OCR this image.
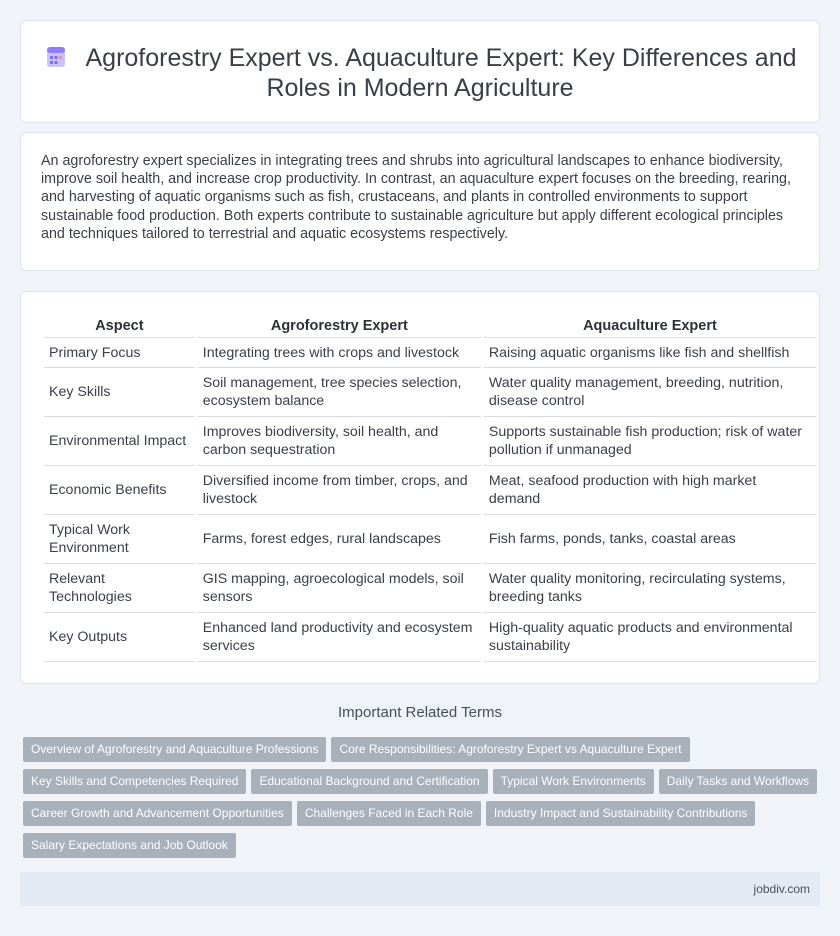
Agroforestry Expert vs. Aquaculture Expert: Key Differences and Roles in Modern Agriculture

An agroforestry expert specializes in integrating trees and shrubs into agricultural landscapes to enhance biodiversity, improve soil health, and increase crop productivity. In contrast, an aquaculture expert focuses on the breeding, rearing, and harvesting of aquatic organisms such as fish, crustaceans, and plants in controlled environments to support sustainable food production. Both experts contribute to sustainable agriculture but apply different ecological principles and techniques tailored to terrestrial and aquatic ecosystems respectively.

Aspect	Agroforestry Expert	Aquaculture Expert
Primary Focus	Integrating trees with crops and livestock	Raising aquatic organisms like fish and shellfish
Key Skills	Soil management, tree species selection, ecosystem balance	Water quality management, breeding, nutrition, disease control
Environmental Impact	Improves biodiversity, soil health, and carbon sequestration	Supports sustainable fish production; risk of water pollution if unmanaged
Economic Benefits	Diversified income from timber, crops, and livestock	Meat, seafood production with high market demand
Typical Work Environment	Farms, forest edges, rural landscapes	Fish farms, ponds, tanks, coastal areas
Relevant Technologies	GIS mapping, agroecological models, soil sensors	Water quality monitoring, recirculating systems, breeding tanks
Key Outputs	Enhanced land productivity and ecosystem services	High-quality aquatic products and environmental sustainability
Important Related Terms
Overview of Agroforestry and Aquaculture Professions Core Responsibilities: Agroforestry Expert vs Aquaculture Expert
Key Skills and Competencies Required Educational Background and Certification Typical Work Environments Daily Tasks and Workflows
Career Growth and Advancement Opportunities Challenges Faced in Each Role Industry Impact and Sustainability Contributions
Salary Expectations and Job Outlook
jobdiv.com
